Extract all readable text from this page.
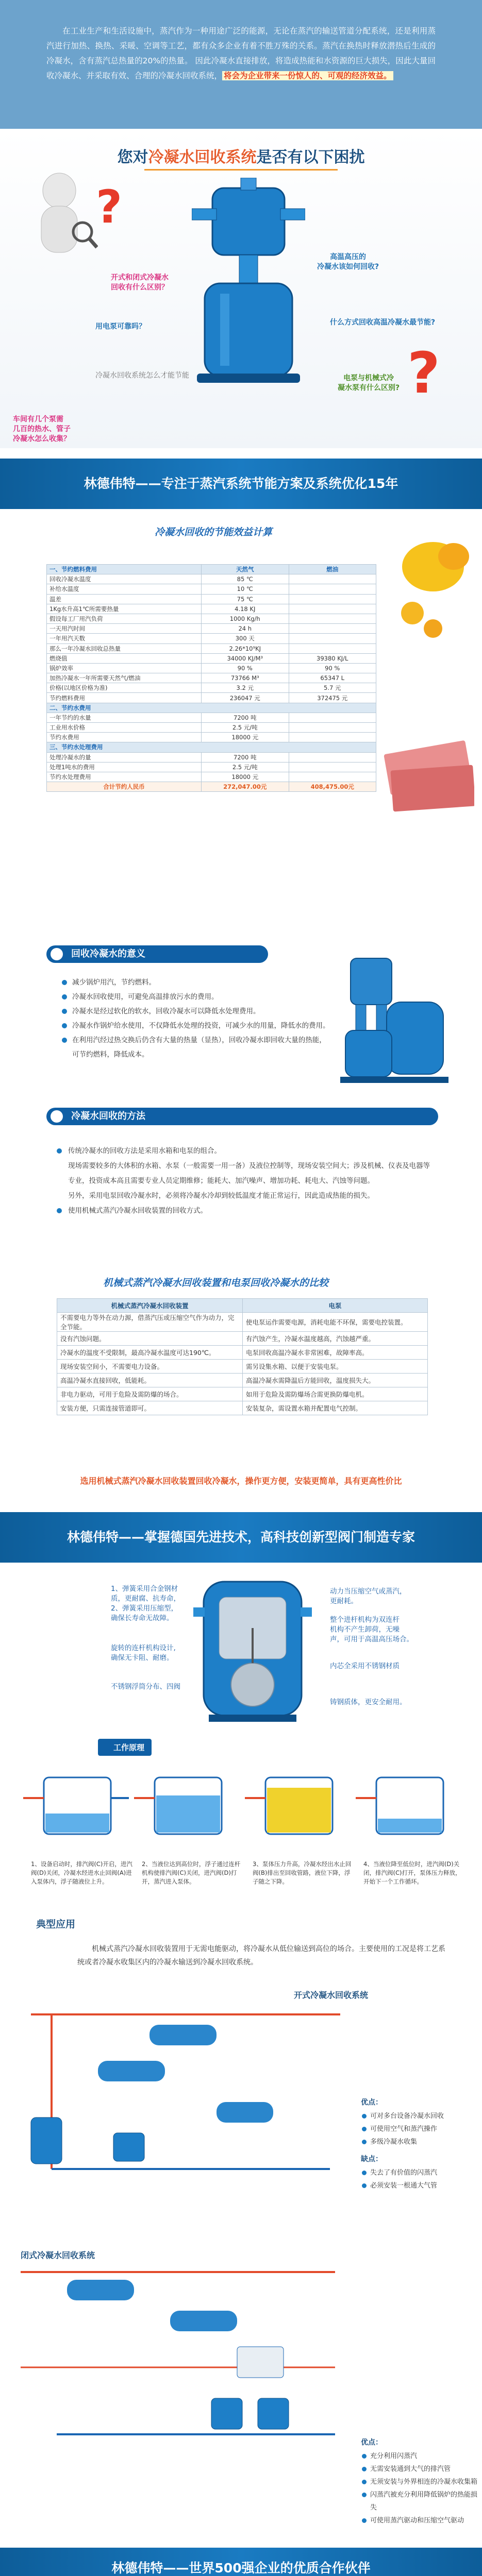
在工业生产和生活设施中，蒸汽作为一种用途广泛的能源，无论在蒸汽的输送管道分配系统，还是利用蒸汽进行加热、换热、采暖、空调等工艺，都有众多企业有着不胜万殊的关系。蒸汽在换热时释放潜热后生成的冷凝水，含有蒸汽总热量的20%的热量。 因此冷凝水直接排放，将造成热能和水资源的巨大损失，因此大量回收冷凝水、并采取有效、合理的冷凝水回收系统， 将会为企业带来一份惊人的、可观的经济效益。

您对冷凝水回收系统是否有以下困扰
?
开式和闭式冷凝水
回收有什么区别？
高温高压的
冷凝水该如何回收?
用电泵可靠吗？	什么方式回收高温冷凝水最节能?
冷凝水回收系统怎么才能节能
车间有几个泵需
几百的热水、管子
冷凝水怎么收集？
电泵与机械式冷
凝水泵有什么区别? ?
林德伟特——专注于蒸汽系统节能方案及系统优化15年
冷凝水回收的节能效益计算
一、节约燃料费用	天然气	燃油
回收冷凝水温度	85 ℃	
补给水温度	10 ℃	
温差	75 ℃	
1Kg水升高1℃所需要热量	4.18 KJ	
假设每工厂用汽负荷	1000 Kg/h	
一天用汽时间	24 h	
一年用汽天数	300 天	
那么一年冷凝水回收总热量	2.26*10⁹KJ	
燃烧值	34000 KJ/M³	39380 KJ/L
锅炉效率	90 %	90 %
加热冷凝水一年所需要天然气/燃油	73766 M³	65347 L
价格(以地区价格为准)	3.2 元	5.7 元
节约燃料费用	236047 元	372475 元
二、节约水费用		
一年节约的水量	7200 吨	
工业用水价格	2.5 元/吨	
节约水费用	18000 元	
三、节约水处理费用		
处理冷凝水的量	7200 吨	
处理1吨水的费用	2.5 元/吨	
节约水处理费用	18000 元	
合计节约人民币	272,047.00元	408,475.00元
回收冷凝水的意义
减少锅炉用汽，节约燃料。
冷凝水回收使用，可避免高温排放污水的费用。
冷凝水是经过软化的软水，回收冷凝水可以降低水处理费用。
冷凝水作锅炉给水使用，不仅降低水处理的投资，可减少水的用量，降低水的费用。
在利用汽经过热交换后仍含有大量的热量（显热），回收冷凝水即回收大量的热能，可节约燃料，降低成本。
冷凝水回收的方法
传统冷凝水的回收方法是采用水箱和电泵的组合。
现场需要较多的大体积的水箱、水泵（一般需要一用一备）及液位控制等，现场安装空间大；涉及机械、仪表及电器等专业，投资成本高且需要专业人员定期维修；能耗大、加汽噪声、增加功耗、耗电大、汽蚀等问题。
另外，采用电泵回收冷凝水时，必须将冷凝水冷却到较低温度才能正常运行，因此造成热能的损失。
使用机械式蒸汽冷凝水回收装置的回收方式。
机械式蒸汽冷凝水回收装置和电泵回收冷凝水的比较
机械式蒸汽冷凝水回收装置	电泵
不需要电力等外在动力源，借蒸汽压或压缩空气作为动力，完全节能。	使电泵运作需要电源，消耗电能不环保，需要电控装置。
没有汽蚀问题。	有汽蚀产生，冷凝水温度越高，汽蚀越严重。
冷凝水的温度不受限制，最高冷凝水温度可达190℃。	电泵回收高温冷凝水非常困难，故障率高。
现场安装空间小，不需要电力设备。	需另设集水箱、以便于安装电泵。
高温冷凝水直接回收，低能耗。	高温冷凝水需降温后方能回收，温度损失大。
非电力驱动，可用于危险及需防爆的场合。	如用于危险及需防爆场合需更换防爆电机。
安装方便，只需连接管道即可。	安装复杂，需设置水箱并配置电气控制。
选用机械式蒸汽冷凝水回收装置回收冷凝水，操作更方便，安装更简单，具有更高性价比
林德伟特——掌握德国先进技术，高科技创新型阀门制造专家
1、弹簧采用合金钢材
质，更耐腐、抗寿命，
2、弹簧采用压缩型，
确保长寿命无故障。
旋转的连杆机构设计,
确保无卡阻、耐磨。
不锈钢浮筒分布、四阀
动力当压缩空气或蒸汽，
更耐耗。
整个进杆机构为双连杆
机构不产生卸荷，无噪
声，可用于高温高压场合。
内芯全采用不锈钢材质
铸钢质体，更安全耐用。
工作原理
1、设备启动时，排汽阀(C)开启，进汽阀(D)关闭，冷凝水经进水止回阀(A)进入泵体内，浮子随液位上升。
2、当液位达到高位时，浮子通过连杆机构使排汽阀(C)关闭，进汽阀(D)打开，蒸汽进入泵体。
3、泵体压力升高，冷凝水经出水止回阀(B)排出至回收管路，液位下降，浮子随之下降。
4、当液位降至低位时，进汽阀(D)关闭，排汽阀(C)打开，泵体压力释放，开始下一个工作循环。
典型应用
机械式蒸汽冷凝水回收装置用于无需电能驱动，将冷凝水从低位输送到高位的场合。主要使用的工况是将工艺系统或者冷凝水收集区内的冷凝水输送到冷凝水回收系统。
开式冷凝水回收系统
优点：
可对多台设备冷凝水回收
可使用空气和蒸汽操作
多级冷凝水收集
缺点：
失去了有价值的闪蒸汽
必须安装一根通大气管
闭式冷凝水回收系统
优点：
充分利用闪蒸汽
无需安装通到大气的排汽管
无须安装与外界相连的冷凝水收集箱
闪蒸汽被充分利用降低锅炉的热能损失
可使用蒸汽驱动和压缩空气驱动
林德伟特——世界500强企业的优质合作伙伴
